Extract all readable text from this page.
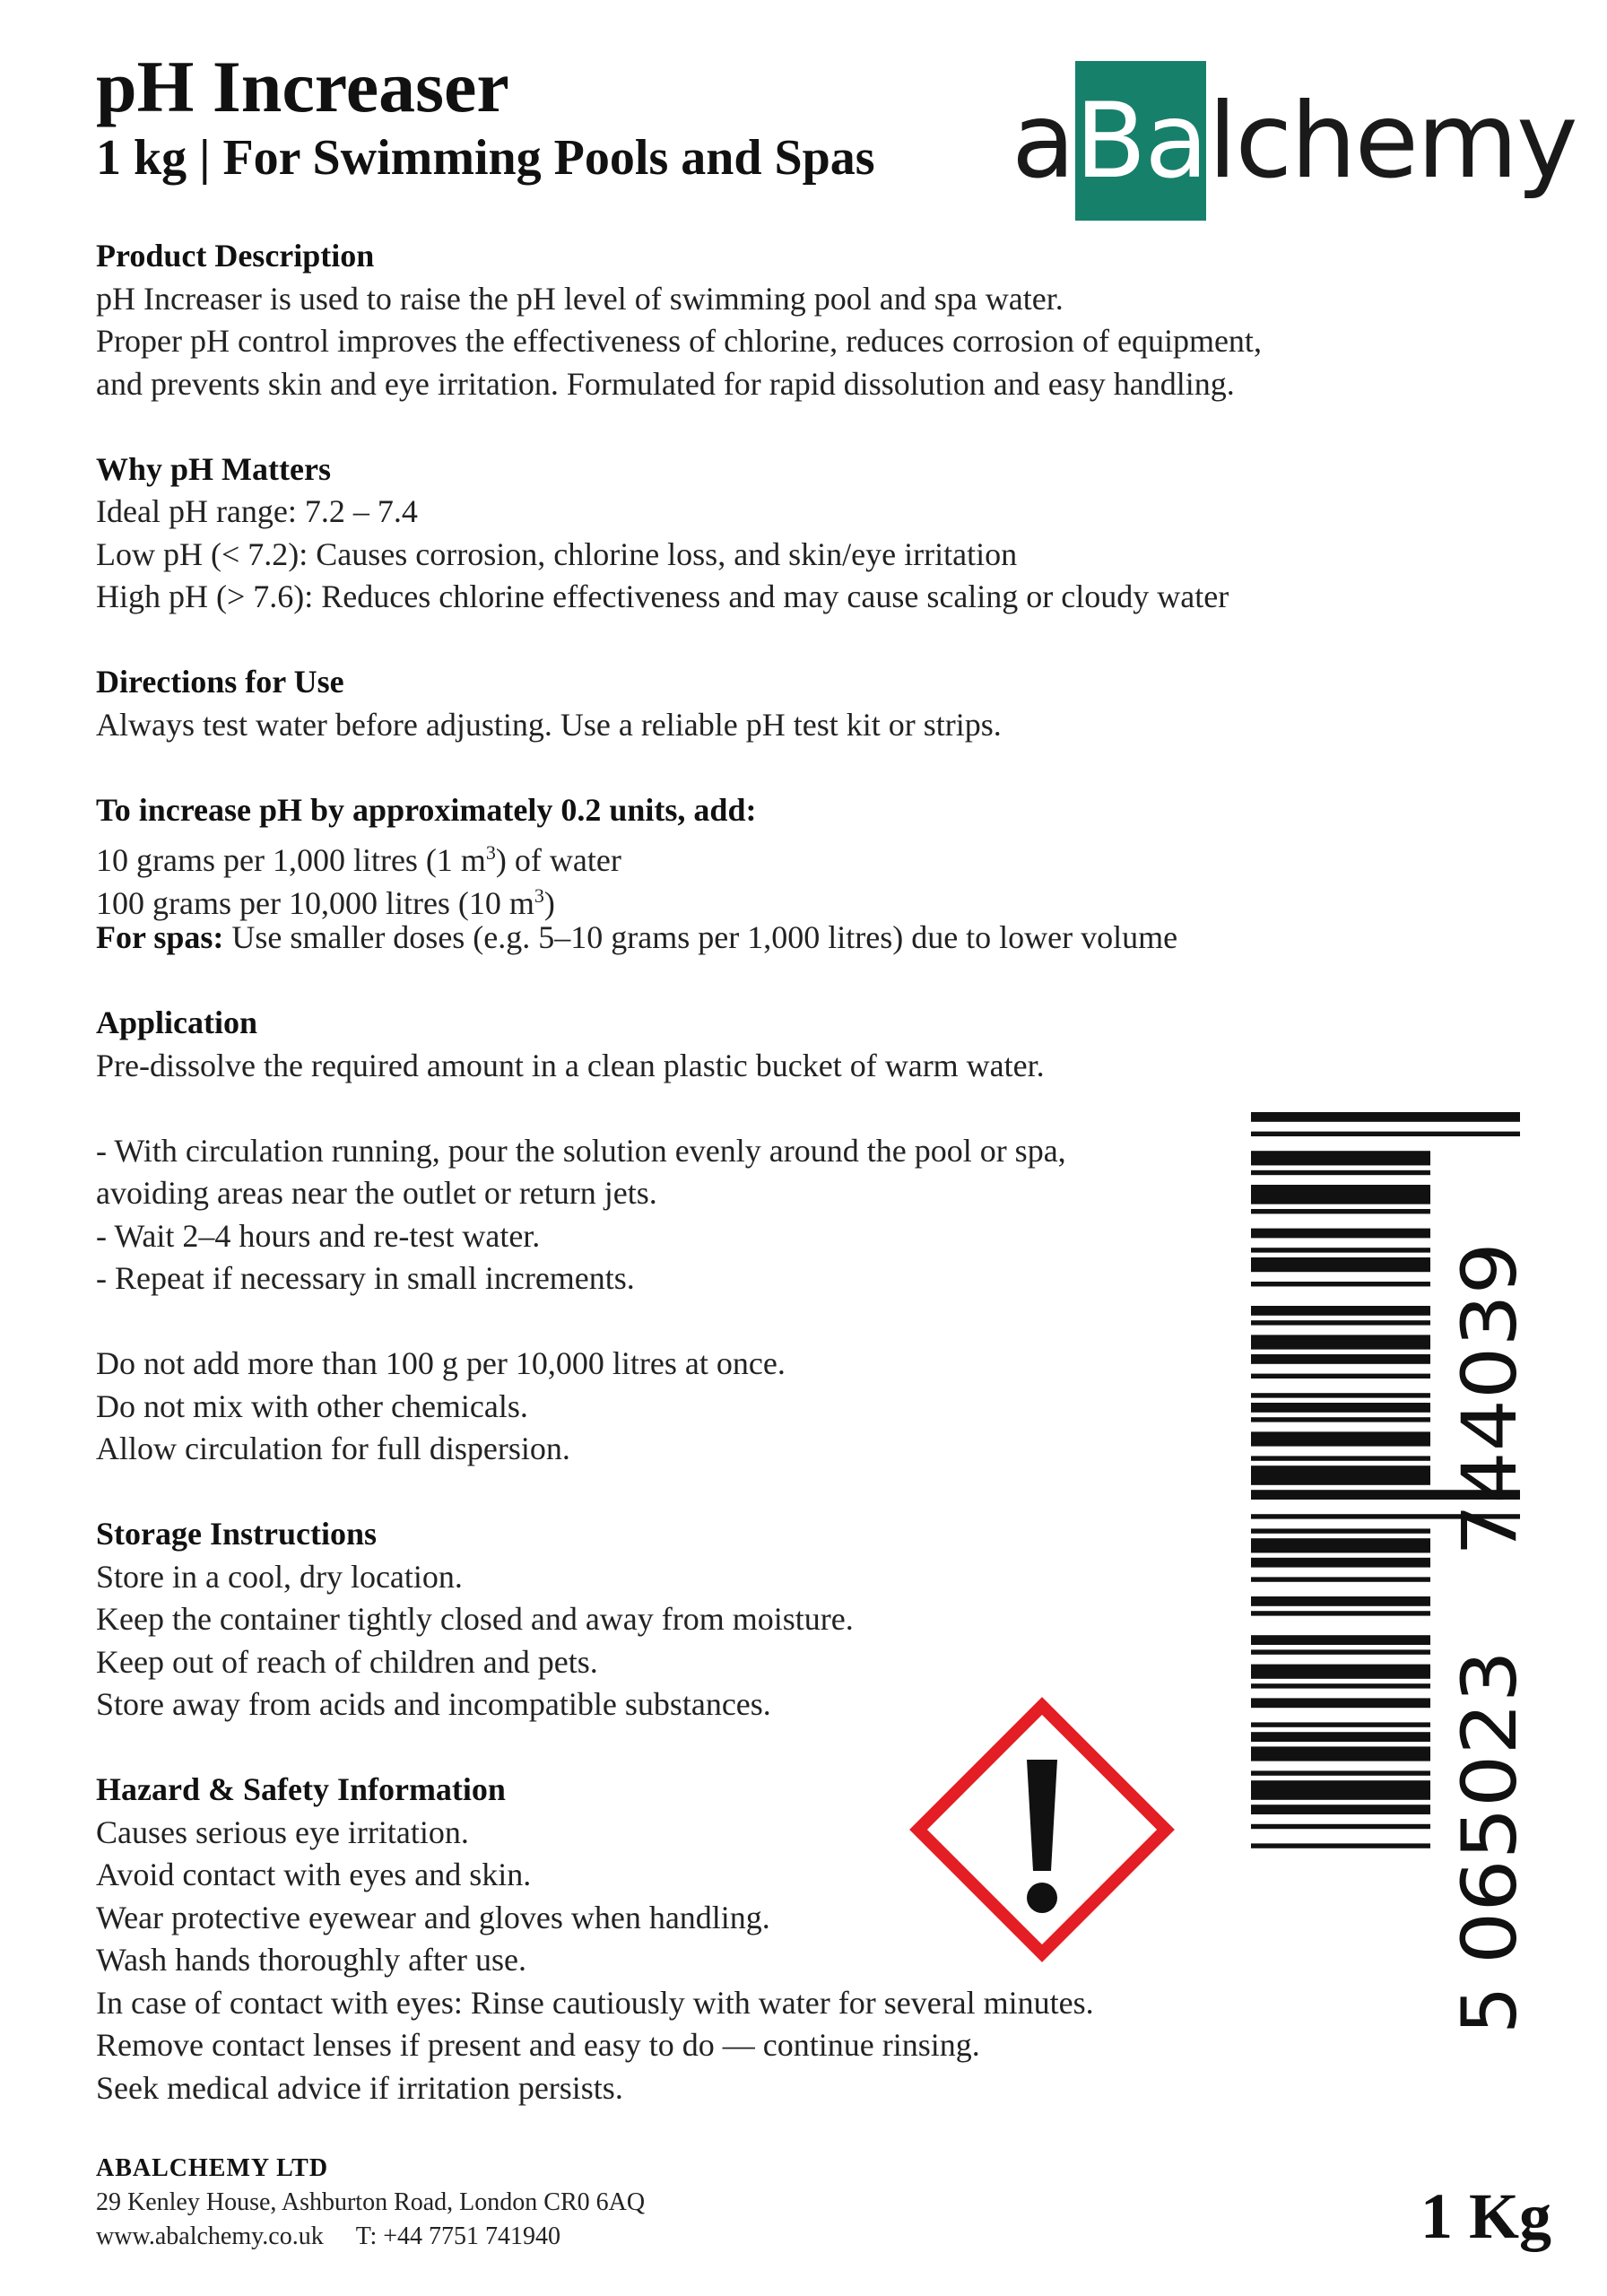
pH Increaser
1 kg | For Swimming Pools and Spas a Ba lchemy
Product Description
pH Increaser is used to raise the pH level of swimming pool and spa water.
Proper pH control improves the effectiveness of chlorine, reduces corrosion of equipment,
and prevents skin and eye irritation. Formulated for rapid dissolution and easy handling.
Why pH Matters
Ideal pH range: 7.2 – 7.4
Low pH (< 7.2): Causes corrosion, chlorine loss, and skin/eye irritation
High pH (> 7.6): Reduces chlorine effectiveness and may cause scaling or cloudy water
Directions for Use
Always test water before adjusting. Use a reliable pH test kit or strips.
To increase pH by approximately 0.2 units, add:
10 grams per 1,000 litres (1 $m^3$) of water
100 grams per 10,000 litres (10 $m^3$)
For spas: Use smaller doses (e.g. 5–10 grams per 1,000 litres) due to lower volume
Application
Pre-dissolve the required amount in a clean plastic bucket of warm water.
- With circulation running, pour the solution evenly around the pool or spa,
avoiding areas near the outlet or return jets.
- Wait 2–4 hours and re-test water.
- Repeat if necessary in small increments.
Do not add more than 100 g per 10,000 litres at once.
Do not mix with other chemicals.
Allow circulation for full dispersion.
Storage Instructions
Store in a cool, dry location.
Keep the container tightly closed and away from moisture.
Keep out of reach of children and pets.
Store away from acids and incompatible substances.
Hazard & Safety Information
Causes serious eye irritation.
Avoid contact with eyes and skin.
Wear protective eyewear and gloves when handling.
Wash hands thoroughly after use.
In case of contact with eyes: Rinse cautiously with water for several minutes.
Remove contact lenses if present and easy to do — continue rinsing.
Seek medical advice if irritation persists.
5
065023
744039
ABALCHEMY LTD
29 Kenley House, Ashburton Road, London CR0 6AQ
www.abalchemy.co.uk T: +44 7751 741940	1 Kg
